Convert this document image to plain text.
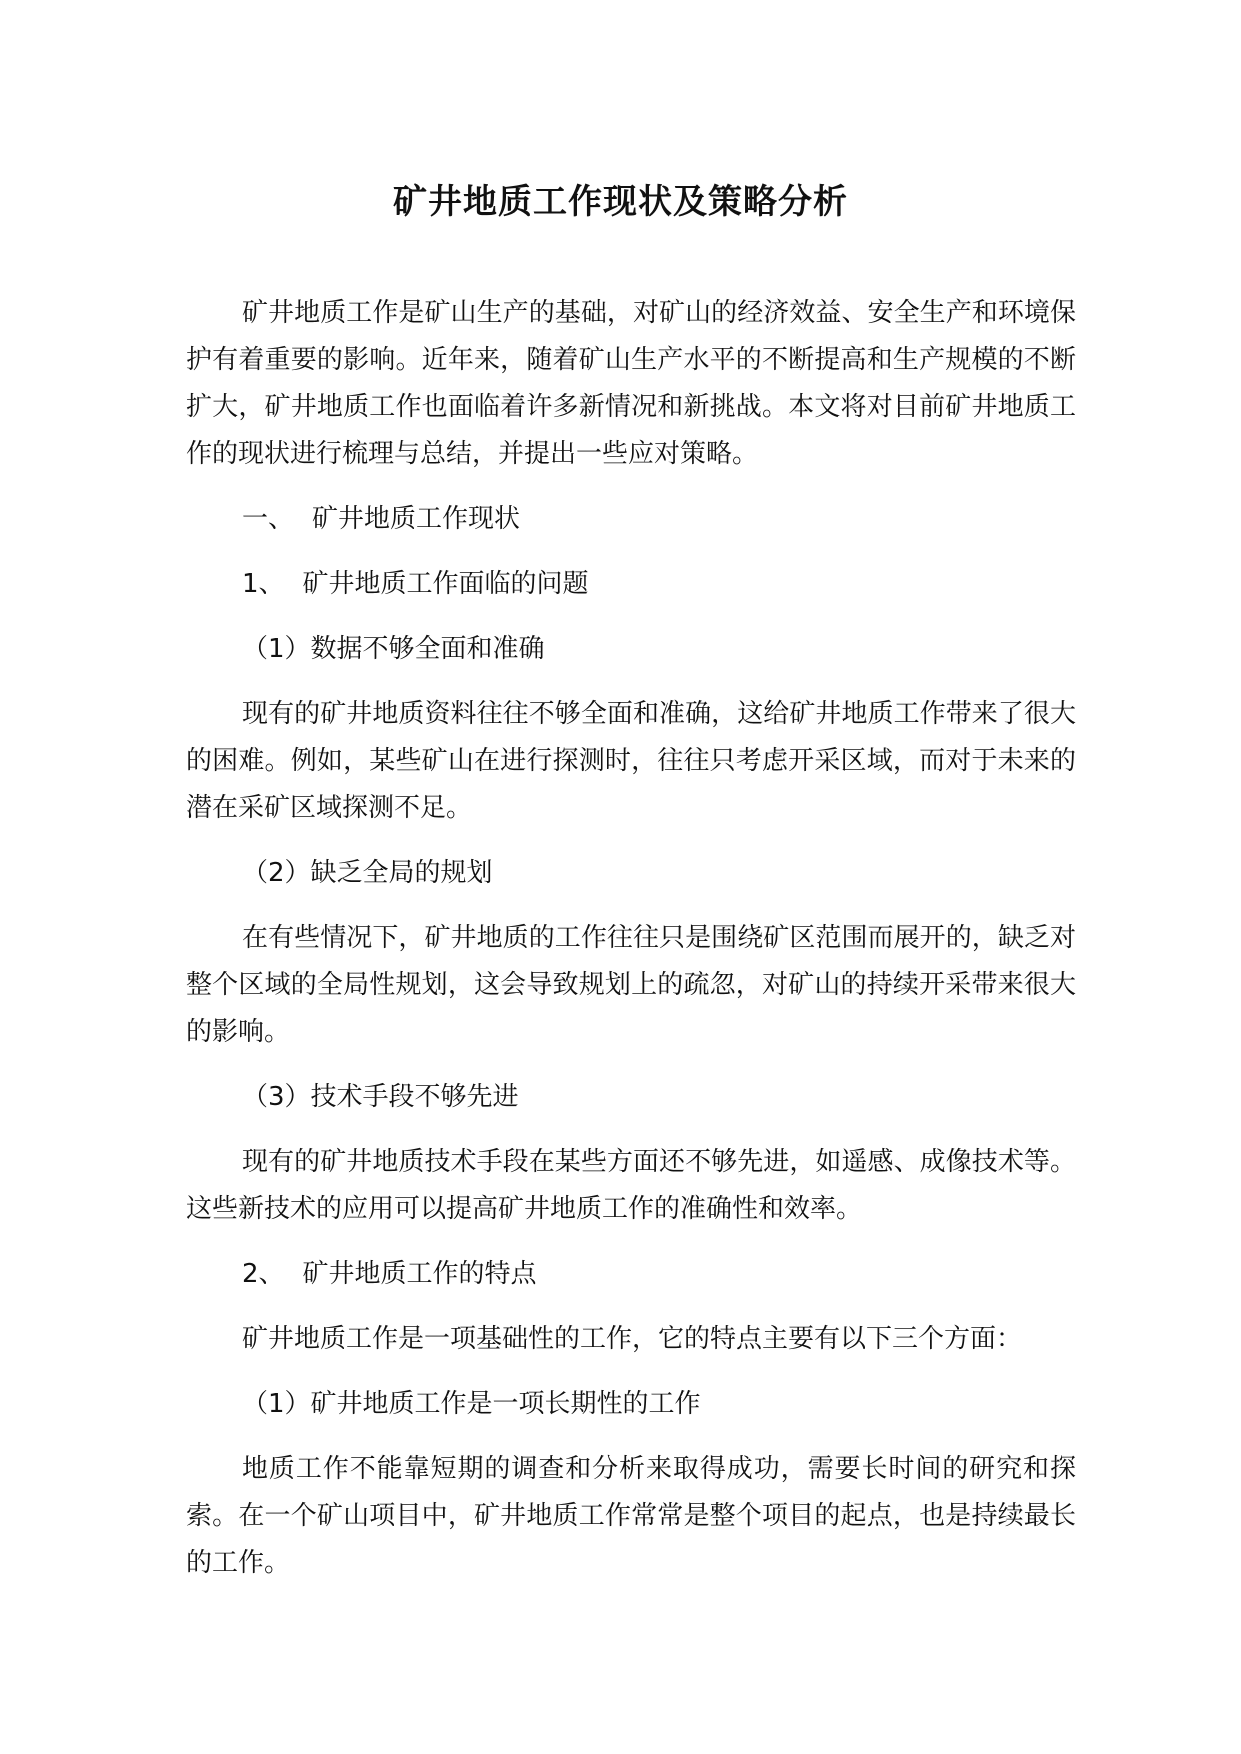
矿井地质工作现状及策略分析

矿井地质工作是矿山生产的基础，对矿山的经济效益、安全生产和环境保护有着重要的影响。近年来，随着矿山生产水平的不断提高和生产规模的不断扩大，矿井地质工作也面临着许多新情况和新挑战。本文将对目前矿井地质工作的现状进行梳理与总结，并提出一些应对策略。

一、 矿井地质工作现状
1、 矿井地质工作面临的问题
（1）数据不够全面和准确

现有的矿井地质资料往往不够全面和准确，这给矿井地质工作带来了很大的困难。例如，某些矿山在进行探测时，往往只考虑开采区域，而对于未来的潜在采矿区域探测不足。

（2）缺乏全局的规划

在有些情况下，矿井地质的工作往往只是围绕矿区范围而展开的，缺乏对整个区域的全局性规划，这会导致规划上的疏忽，对矿山的持续开采带来很大的影响。

（3）技术手段不够先进

现有的矿井地质技术手段在某些方面还不够先进，如遥感、成像技术等。这些新技术的应用可以提高矿井地质工作的准确性和效率。

2、 矿井地质工作的特点

矿井地质工作是一项基础性的工作，它的特点主要有以下三个方面：

（1）矿井地质工作是一项长期性的工作

地质工作不能靠短期的调查和分析来取得成功，需要长时间的研究和探索。在一个矿山项目中，矿井地质工作常常是整个项目的起点，也是持续最长的工作。
